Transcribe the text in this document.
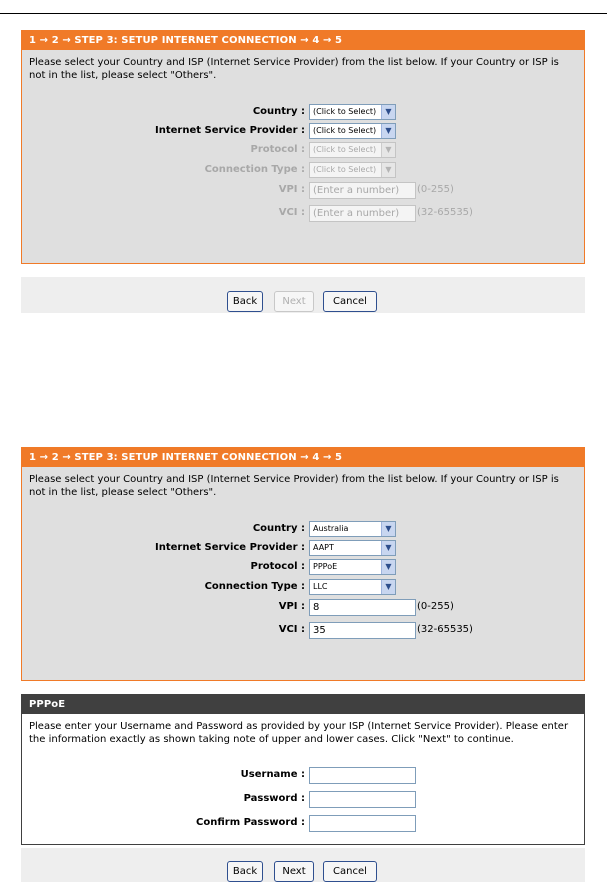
1 → 2 → STEP 3: SETUP INTERNET CONNECTION → 4 → 5
Please select your Country and ISP (Internet Service Provider) from the list below. If your Country or ISP is not in the list, please select "Others".
Country :	(Click to Select)	▼
Internet Service Provider :	(Click to Select)	▼
Protocol :	(Click to Select)	▼
Connection Type :	(Click to Select)	▼
VPI : (Enter a number)	(0-255)
VCI : (Enter a number)	(32-65535)
Back	Next	Cancel
1 → 2 → STEP 3: SETUP INTERNET CONNECTION → 4 → 5
Please select your Country and ISP (Internet Service Provider) from the list below. If your Country or ISP is not in the list, please select "Others".
Country :	Australia	▼
Internet Service Provider :	AAPT	▼
Protocol :	PPPoE	▼
Connection Type :	LLC	▼
VPI : 8	(0-255)
VCI : 35	(32-65535)
PPPoE
Please enter your Username and Password as provided by your ISP (Internet Service Provider). Please enter the information exactly as shown taking note of upper and lower cases. Click "Next" to continue.
Username :
Password :
Confirm Password :
Back	Next	Cancel
